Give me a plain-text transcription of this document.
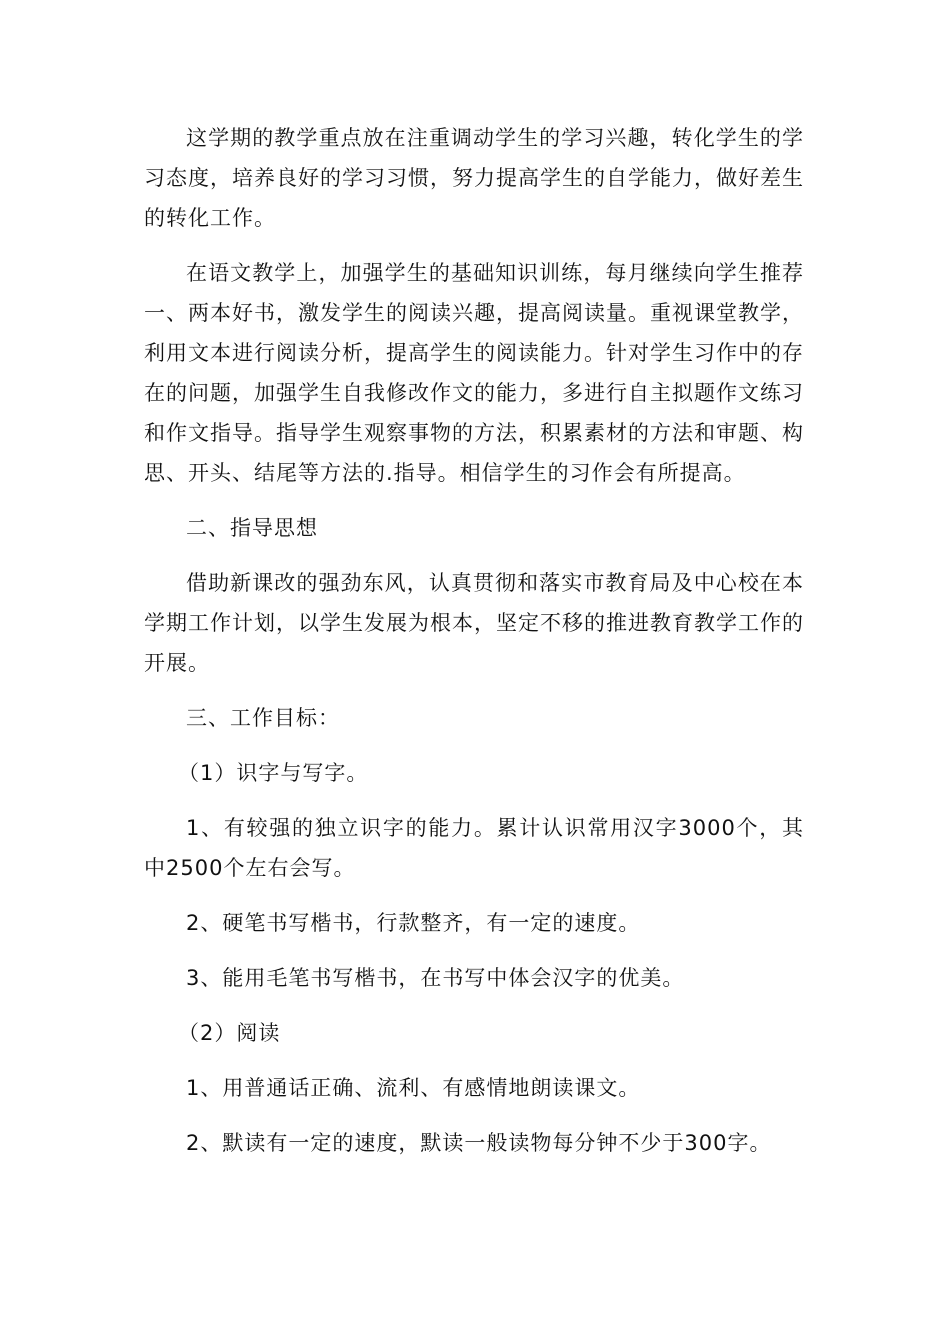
这学期的教学重点放在注重调动学生的学习兴趣，转化学生的学习态度，培养良好的学习习惯，努力提高学生的自学能力，做好差生的转化工作。

在语文教学上，加强学生的基础知识训练，每月继续向学生推荐一、两本好书，激发学生的阅读兴趣，提高阅读量。重视课堂教学，利用文本进行阅读分析，提高学生的阅读能力。针对学生习作中的存在的问题，加强学生自我修改作文的能力，多进行自主拟题作文练习和作文指导。指导学生观察事物的方法，积累素材的方法和审题、构思、开头、结尾等方法的.指导。相信学生的习作会有所提高。

二、指导思想

借助新课改的强劲东风，认真贯彻和落实市教育局及中心校在本学期工作计划，以学生发展为根本，坚定不移的推进教育教学工作的开展。

三、工作目标：

（1）识字与写字。

1、有较强的独立识字的能力。累计认识常用汉字3000个，其中2500个左右会写。

2、硬笔书写楷书，行款整齐，有一定的速度。

3、能用毛笔书写楷书，在书写中体会汉字的优美。

（2）阅读

1、用普通话正确、流利、有感情地朗读课文。

2、默读有一定的速度，默读一般读物每分钟不少于300字。
